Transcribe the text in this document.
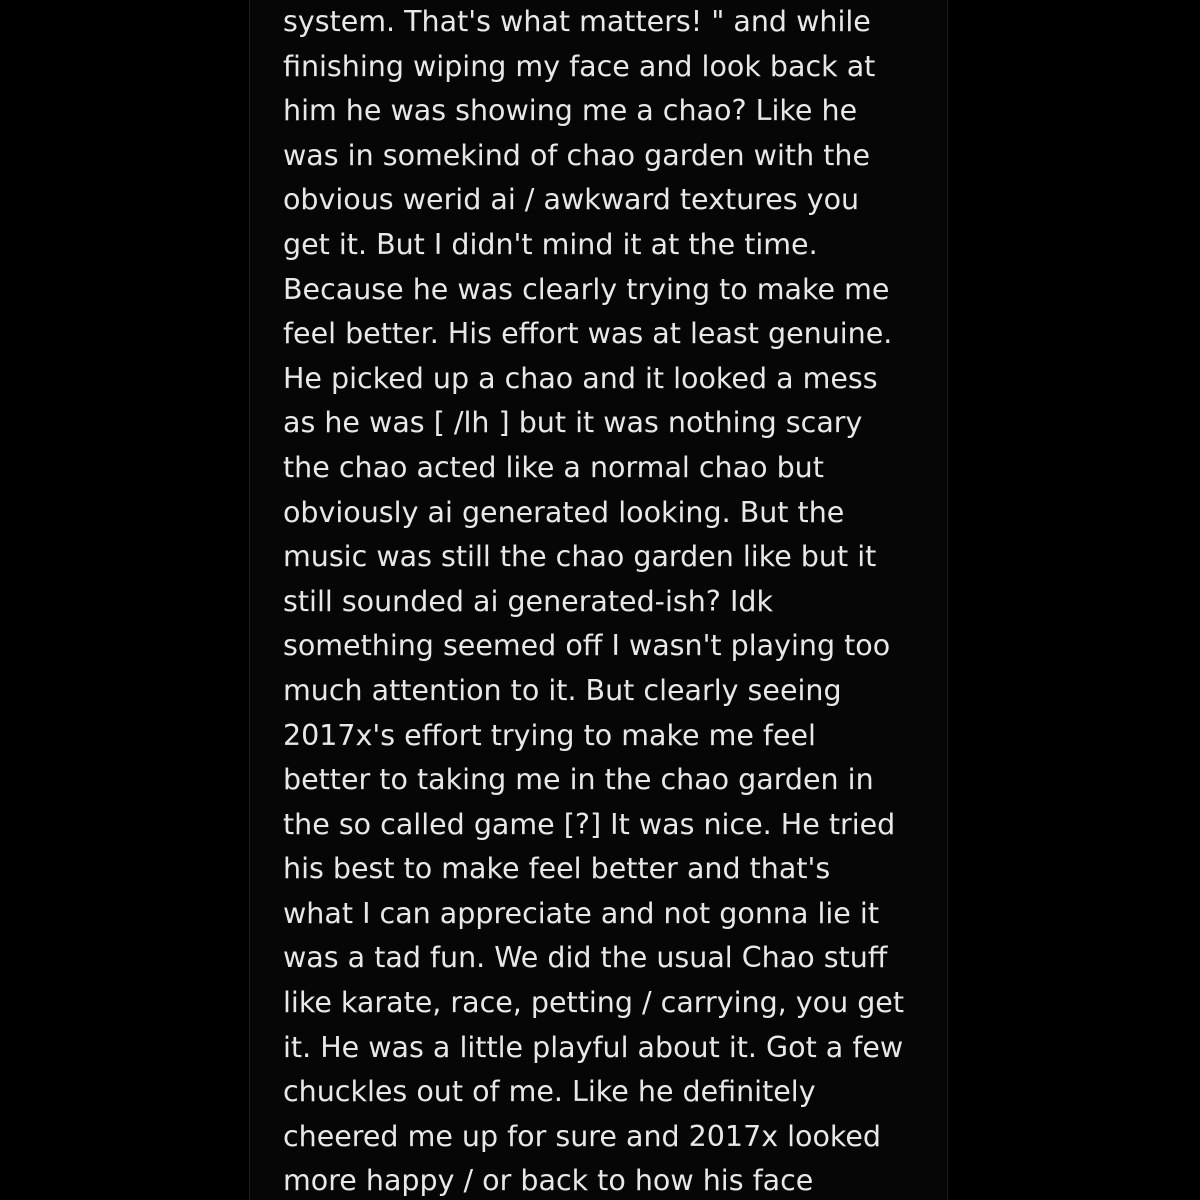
system. That's what matters! " and while
finishing wiping my face and look back at
him he was showing me a chao? Like he
was in somekind of chao garden with the
obvious werid ai / awkward textures you
get it. But I didn't mind it at the time.
Because he was clearly trying to make me
feel better. His effort was at least genuine.
He picked up a chao and it looked a mess
as he was [ /lh ] but it was nothing scary
the chao acted like a normal chao but
obviously ai generated looking. But the
music was still the chao garden like but it
still sounded ai generated-ish? Idk
something seemed off I wasn't playing too
much attention to it. But clearly seeing
2017x's effort trying to make me feel
better to taking me in the chao garden in
the so called game [?] It was nice. He tried
his best to make feel better and that's
what I can appreciate and not gonna lie it
was a tad fun. We did the usual Chao stuff
like karate, race, petting / carrying, you get
it. He was a little playful about it. Got a few
chuckles out of me. Like he definitely
cheered me up for sure and 2017x looked
more happy / or back to how his face
